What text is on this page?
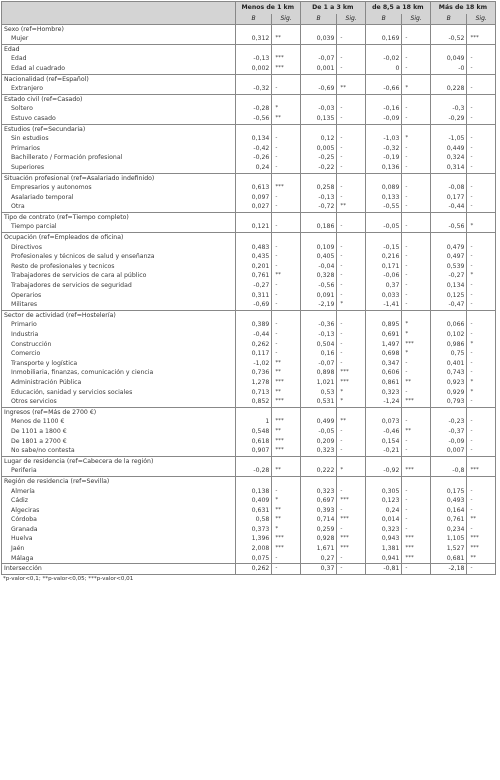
	Menos de 1 km		De 1 a 3 km		de 8,5 a 18 km		Más de 18 km	
	B	Sig.	B	Sig.	B	Sig.	B	Sig.
Sexo (ref=Hombre)								
Mujer	0,312	**	0,039	-	0,169	-	-0,52	***
Edad								
Edad	-0,13	***	-0,07	-	-0,02	-	0,049	-
Edad al cuadrado	0,002	***	0,001	-	0	-	-0	-
Nacionalidad (ref=Español)								
Extranjero	-0,32	-	-0,69	**	-0,66	*	0,228	-
Estado civil (ref=Casado)								
Soltero	-0,28	*	-0,03	-	-0,16	-	-0,3	-
Estuvo casado	-0,56	**	0,135	-	-0,09	-	-0,29	-
Estudios (ref=Secundaria)								
Sin estudios	0,134	-	0,12	-	-1,03	*	-1,05	-
Primarios	-0,42	-	0,005	-	-0,32	-	0,449	-
Bachillerato / Formación profesional	-0,26	-	-0,25	-	-0,19	-	0,324	-
Superiores	0,24	-	-0,22	-	0,136	-	0,314	-
Situación profesional (ref=Asalariado indefinido)								
Empresarios y autonomos	0,613	***	0,258	-	0,089	-	-0,08	-
Asalariado temporal	0,097	-	-0,13	-	0,133	-	0,177	-
Otra	0,027	-	-0,72	**	-0,55	-	-0,44	-
Tipo de contrato (ref=Tiempo completo)								
Tiempo parcial	0,121	-	0,186	-	-0,05	-	-0,56	*
Ocupación (ref=Empleados de oficina)								
Directivos	0,483	-	0,109	-	-0,15	-	0,479	-
Profesionales y técnicos de salud y enseñanza	0,435	-	0,405	-	0,216	-	0,497	-
Resto de profesionales y tecnicos	0,201	-	-0,04	-	0,171	-	0,539	-
Trabajadores de servicios de cara al público	0,761	**	0,328	-	-0,06	-	-0,27	*
Trabajadores de servicios de seguridad	-0,27	-	-0,56	-	0,37	-	0,134	-
Operarios	0,311	-	0,091	-	0,033	-	0,125	-
Militares	-0,69	-	-2,19	*	-1,41	-	-0,47	-
Sector de actividad (ref=Hostelería)								
Primario	0,389	-	-0,36	-	0,895	*	0,066	-
Industria	-0,44	-	-0,13	-	0,691	*	0,102	-
Construcción	0,262	-	0,504	-	1,497	***	0,986	*
Comercio	0,117	-	0,16	-	0,698	*	0,75	-
Transporte y logística	-1,02	**	-0,07	-	0,347	-	0,401	-
Inmobiliaria, finanzas, comunicación y ciencia	0,736	**	0,898	***	0,606	-	0,743	-
Administración Pública	1,278	***	1,021	***	0,861	**	0,923	*
Educación, sanidad y servicios sociales	0,713	**	0,53	*	0,323	-	0,929	*
Otros servicios	0,852	***	0,531	*	-1,24	***	0,793	-
Ingresos (ref=Más de 2700 €)								
Menos de 1100 €	1	***	0,499	**	0,073	-	-0,23	-
De 1101 a 1800 €	0,548	**	-0,05	-	-0,46	**	-0,37	-
De 1801 a 2700 €	0,618	***	0,209	-	0,154	-	-0,09	-
No sabe/no contesta	0,907	***	0,323	-	-0,21	-	0,007	-
Lugar de residencia (ref=Cabecera de la región)								
Periferia	-0,28	**	0,222	*	-0,92	***	-0,8	***
Región de residencia (ref=Sevilla)								
Almería	0,138	-	0,323	-	0,305	-	0,175	-
Cádiz	0,409	*	0,697	***	0,123	-	0,493	-
Algeciras	0,631	**	0,393	-	0,24	-	0,164	-
Córdoba	0,58	**	0,714	***	0,014	-	0,761	**
Granada	0,373	*	0,259	-	0,323	-	0,234	-
Huelva	1,396	***	0,928	***	0,943	***	1,105	***
Jaén	2,008	***	1,671	***	1,381	***	1,527	***
Málaga	0,075	-	0,27	-	0,941	***	0,681	**
Intersección	0,262	-	0,37	-	-0,81	-	-2,18	-
*p-valor<0,1; **p-valor<0,05; ***p-valor<0,01
